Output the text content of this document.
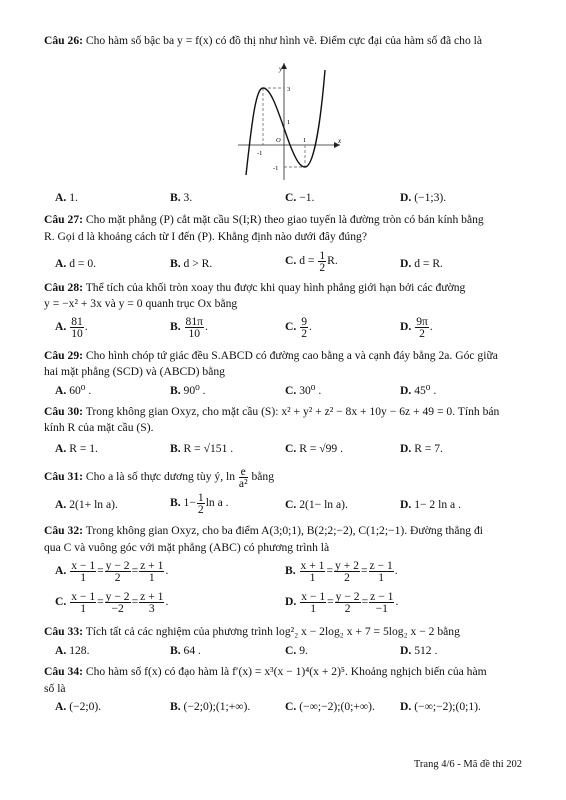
Câu 26: Cho hàm số bậc ba y = f(x) có đồ thị như hình vẽ. Điểm cực đại của hàm số đã cho là
y
x
O
-1
1
3
1
-1
A. 1.	B. 3.	C. −1.	D. (−1;3).
Câu 27: Cho mặt phẳng (P) cắt mặt cầu S(I;R) theo giao tuyến là đường tròn có bán kính bằng
R. Gọi d là khoảng cách từ I đến (P). Khẳng định nào dưới đây đúng?
A. d = 0.	B. d > R.	C. $d = \frac{1}{2} R$.	D. d = R.
Câu 28: Thể tích của khối tròn xoay thu được khi quay hình phẳng giới hạn bởi các đường
y = −x² + 3x và y = 0 quanh trục Ox bằng
A. $\frac{81}{10}$ .	B. $\frac{81\pi}{10}$ .	C. $\frac{9}{2}$ .	D. $\frac{9\pi}{2}$ .
Câu 29: Cho hình chóp tứ giác đều S.ABCD có đường cao bằng a và cạnh đáy bằng 2a. Góc giữa
hai mặt phẳng (SCD) và (ABCD) bằng
A. 60⁰ .	B. 90⁰ .	C. 30⁰ .	D. 45⁰ .
Câu 30: Trong không gian Oxyz, cho mặt cầu (S): x² + y² + z² − 8x + 10y − 6z + 49 = 0. Tính bán
kính R của mặt cầu (S).
A. R = 1.	B. R = √151 .	C. R = √99 .	D. R = 7.
Câu 31: Cho a là số thực dương tùy ý, $\ln \frac{e}{\text{a²}}$ bằng
A. 2(1+ ln a).	B. $1- \frac{1}{2}$ ln a .	C. 2(1− ln a).	D. 1− 2 ln a .
Câu 32: Trong không gian Oxyz, cho ba điểm A(3;0;1), B(2;2;−2), C(1;2;−1). Đường thẳng đi
qua C và vuông góc với mặt phẳng (ABC) có phương trình là
A. $\frac{x - 1}{1} = \frac{y - 2}{2} = \frac{z + 1}{1}$ .	B. $\frac{x + 1}{1} = \frac{y + 2}{2} = \frac{z - 1}{1}$ .
C. $\frac{x - 1}{1} = \frac{y - 2}{-2} = \frac{z + 1}{3}$ .	D. $\frac{x - 1}{1} = \frac{y - 2}{2} = \frac{z - 1}{-1}$ .
Câu 33: Tích tất cả các nghiệm của phương trình log²₂ x − 2log₂ x + 7 = 5log₂ x − 2 bằng
A. 128.	B. 64 .	C. 9.	D. 512 .
Câu 34: Cho hàm số f(x) có đạo hàm là f′(x) = x³(x − 1)⁴(x + 2)⁵. Khoảng nghịch biến của hàm
số là
A. (−2;0).	B. (−2;0);(1;+∞).	C. (−∞;−2);(0;+∞). D. (−∞;−2);(0;1).
Trang 4/6 - Mã đề thi 202
